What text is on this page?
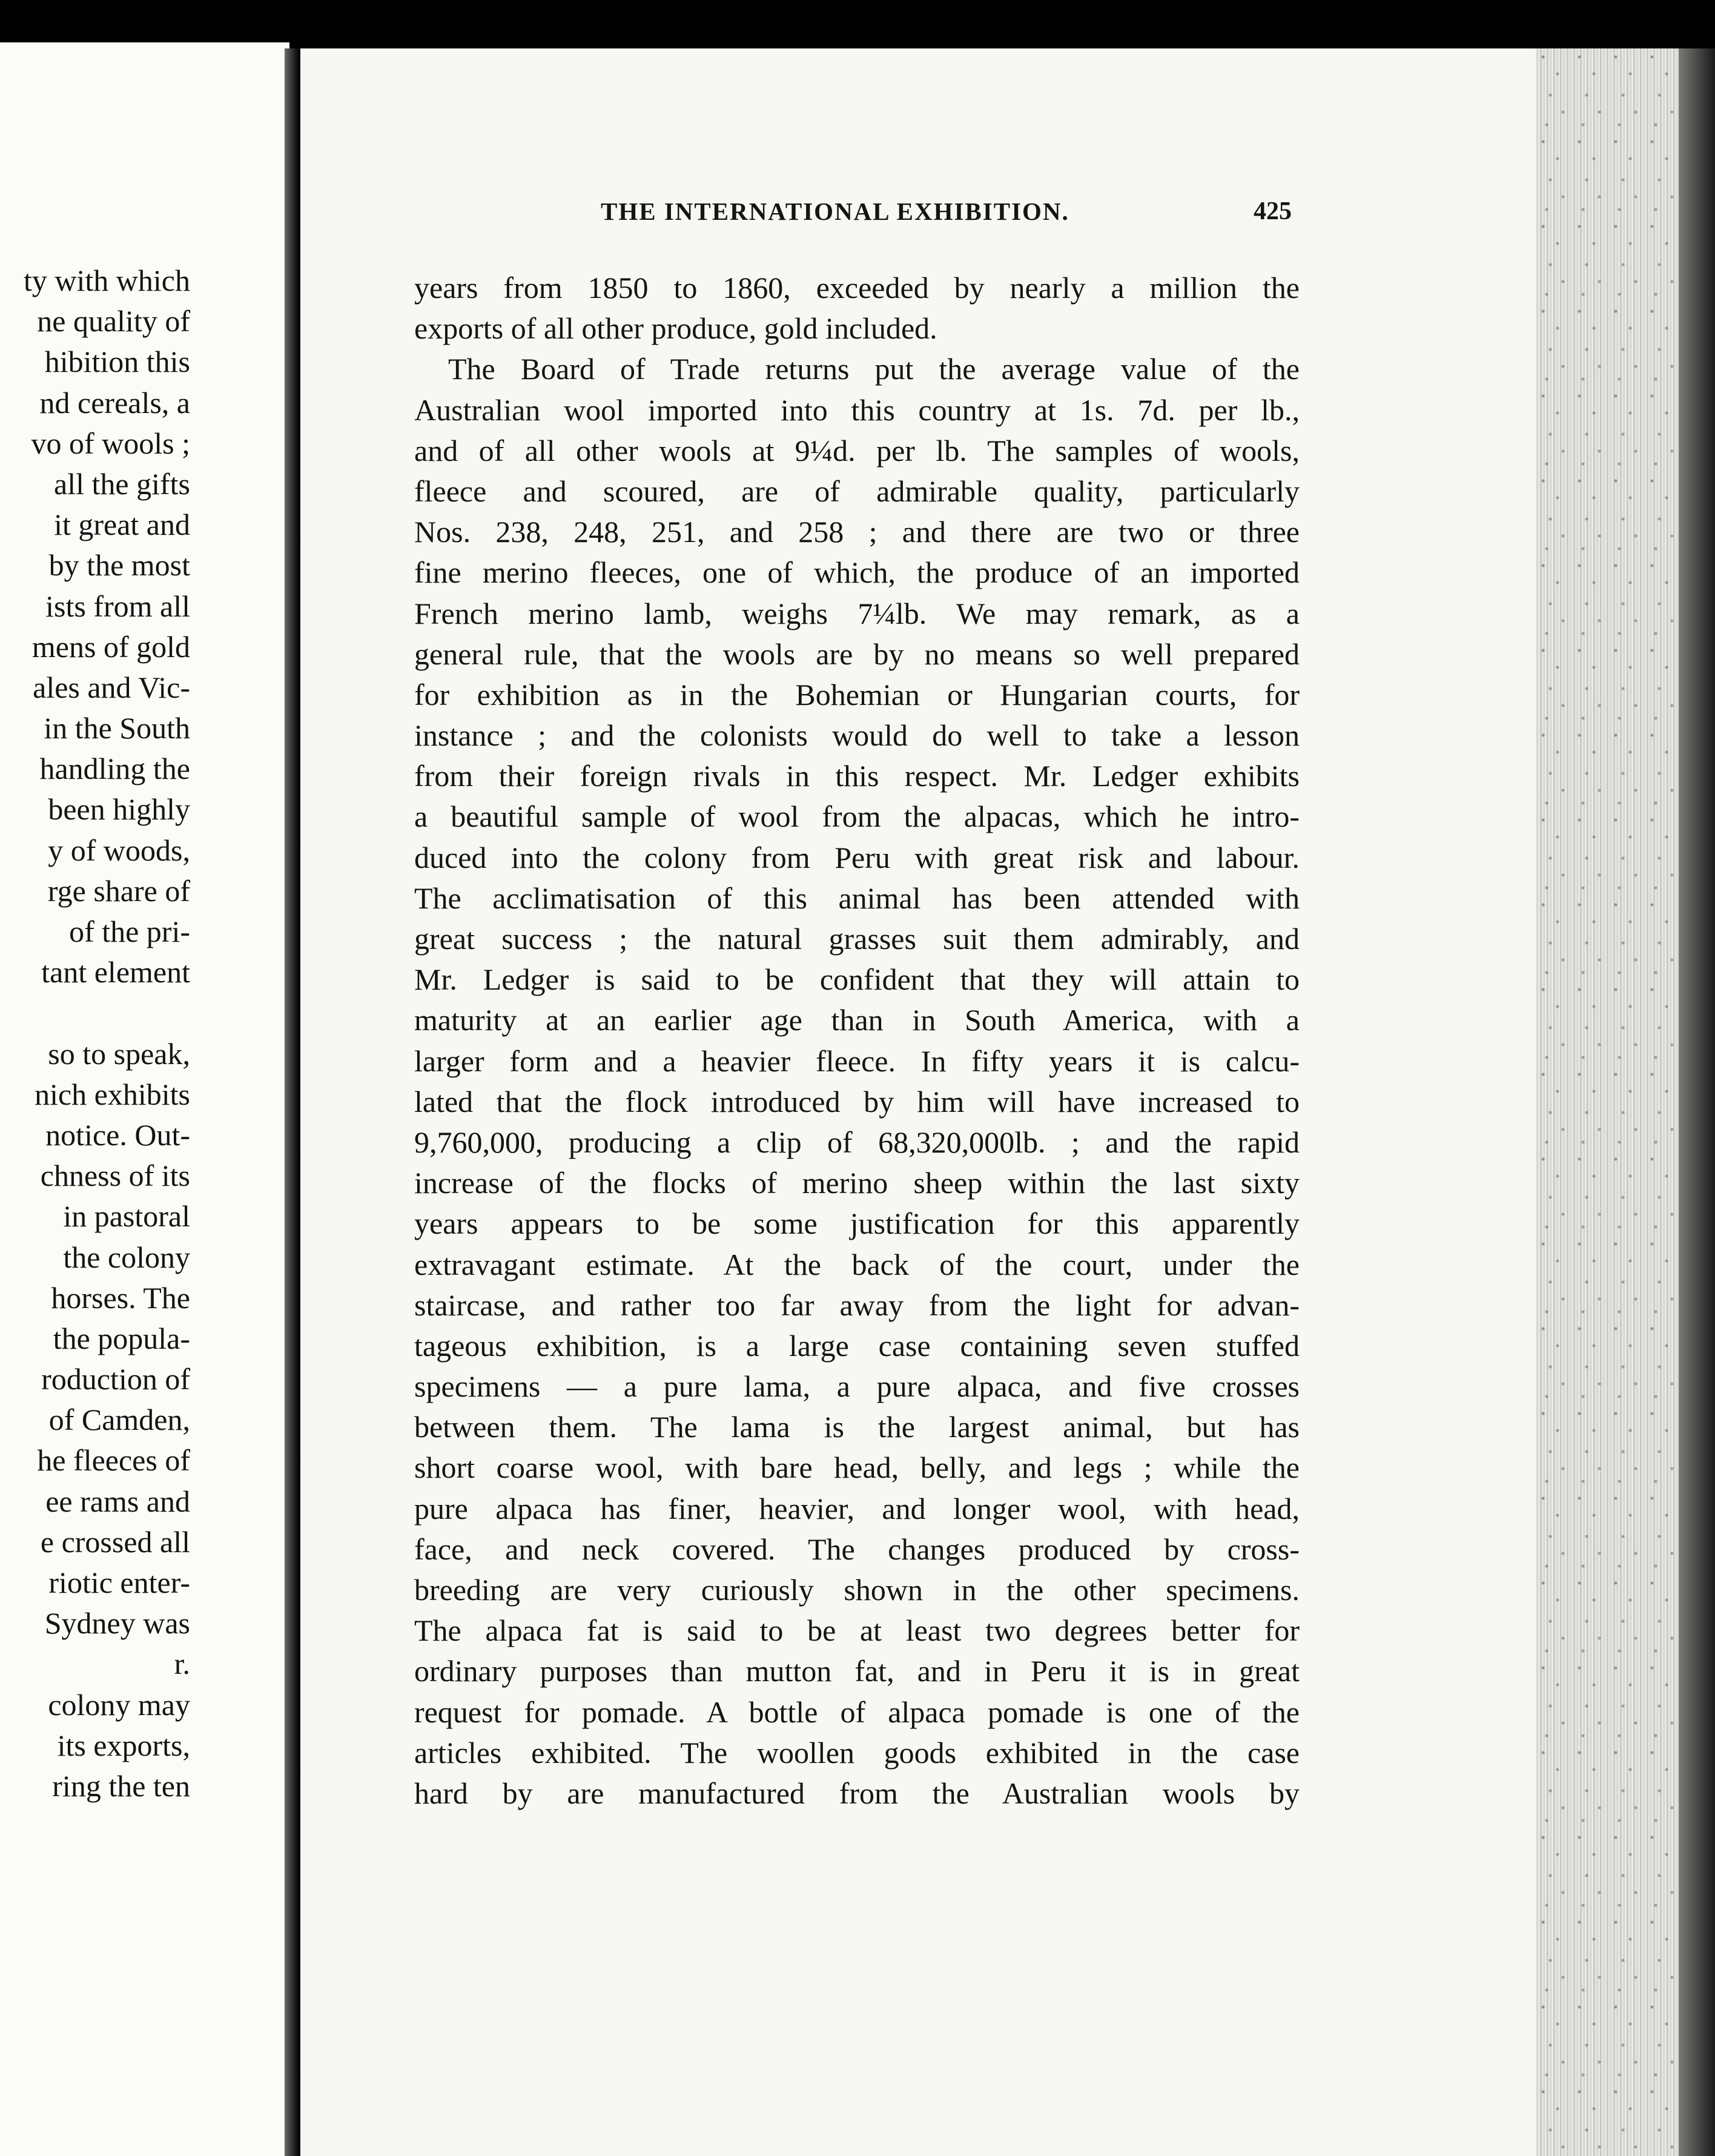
ty with which

ne quality of

hibition this

nd cereals, a

vo of wools ;

all the gifts

it great and

by the most

ists from all

mens of gold

ales and Vic-

in the South

handling the

been highly

y of woods,

rge share of

of the pri-

tant element

so to speak,

nich exhibits

notice. Out-

chness of its

in pastoral

the colony

horses. The

the popula-

roduction of

of Camden,

he fleeces of

ee rams and

e crossed all

riotic enter-

Sydney was

r.

colony may

its exports,

ring the ten

THE INTERNATIONAL EXHIBITION.	425

years from 1850 to 1860, exceeded by nearly a million the

exports of all other produce, gold included.

The Board of Trade returns put the average value of the

Australian wool imported into this country at 1s. 7d. per lb.,

and of all other wools at 9¼d. per lb. The samples of wools,

fleece and scoured, are of admirable quality, particularly

Nos. 238, 248, 251, and 258 ; and there are two or three

fine merino fleeces, one of which, the produce of an imported

French merino lamb, weighs 7¼lb. We may remark, as a

general rule, that the wools are by no means so well prepared

for exhibition as in the Bohemian or Hungarian courts, for

instance ; and the colonists would do well to take a lesson

from their foreign rivals in this respect. Mr. Ledger exhibits

a beautiful sample of wool from the alpacas, which he intro-

duced into the colony from Peru with great risk and labour.

The acclimatisation of this animal has been attended with

great success ; the natural grasses suit them admirably, and

Mr. Ledger is said to be confident that they will attain to

maturity at an earlier age than in South America, with a

larger form and a heavier fleece. In fifty years it is calcu-

lated that the flock introduced by him will have increased to

9,760,000, producing a clip of 68,320,000lb. ; and the rapid

increase of the flocks of merino sheep within the last sixty

years appears to be some justification for this apparently

extravagant estimate. At the back of the court, under the

staircase, and rather too far away from the light for advan-

tageous exhibition, is a large case containing seven stuffed

specimens — a pure lama, a pure alpaca, and five crosses

between them. The lama is the largest animal, but has

short coarse wool, with bare head, belly, and legs ; while the

pure alpaca has finer, heavier, and longer wool, with head,

face, and neck covered. The changes produced by cross-

breeding are very curiously shown in the other specimens.

The alpaca fat is said to be at least two degrees better for

ordinary purposes than mutton fat, and in Peru it is in great

request for pomade. A bottle of alpaca pomade is one of the

articles exhibited. The woollen goods exhibited in the case

hard by are manufactured from the Australian wools by
